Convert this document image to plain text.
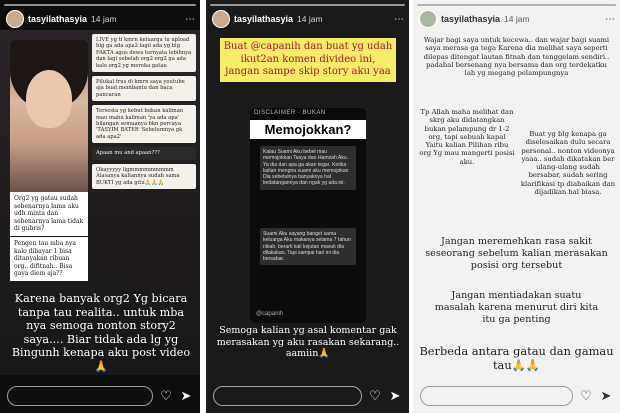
tasyilathasyia 14 jam	⋯
LIVE yg ti kmrn keluarga tu upload blg ga ada apa2 lagii ada yg blg FAKTA agus dewa ternyata lebihnya dan lagi sebelah org2 org2 ga ada kalo org2 yg mereka gatau
Pilukal trus di kmrn saya youtube aja buat membantu dan baca pancaran
Tersesta yg kebut bukan kaliman mau mahu kaliman 'ya ada apa' bilangan semuanya bkn percaya 'TASYIM BATER 'Sebelumnya gk ada apa2'
Apaan mu and apaan???
Okayyyyy ligmmmmmmmmm Alasanya kaliannya sudah sama BUKTI yg ada gitu🙏🙏🙏
Org2 yg gatau sudah sebenarnya lama aku udh minta dan sebenarnya lama tidak di gubris?
Pengen tau mba nya kalo dibayar 1 bisa ditanyakan ribuan org.. difitnah.. Bisa gaya diem aja??
Karena banyak org2 Yg bicara tanpa tau realita.. untuk mba nya semoga nonton story2 saya.... Biar tidak ada lg yg Bingunh kenapa aku post video🙏
♡ ➤
tasyilathasyia 14 jam	⋯
Buat @capanih dan buat yg udah ikut2an komen divideo ini, jangan sampe skip story aku yaa
DISCLAIMER · BUKAN
Memojokkan?
Kalau Suami Aku bebel mau memojokkan Tasya dan Hamzah Aku. Ya dia dan apa ga akan tegar. Ketika kalian mengira suami aku memojokan Dia sebetulnya banyaknya hal kedatangannya dan ngak yg ada ini.
Suami Aku sayang banget sama keluarga Aku makanya selama 7 tahun nikah, berarti kali kejutan masuk dia dilakukan. Tapi sampai hari ini dia bersabar.
@capanih
Semoga kalian yg asal komentar gak merasakan yg aku rasakan sekarang.. aamiin🙏
♡ ➤
tasyilathasyia 14 jam	⋯
Wajar bagi saya untuk kecewa.. dan wajar bagi suami saya merasa ga tega Karena dia melihat saya seperti dilepas ditengat lautan fitnah dan tenggelam sendiri.. padahal bersenang nya bersama dan org terdekatku lah yg megang pelampungnya
Tp Allah maha melihat dan skrg aku didatangkan bukan pelampung dr 1-2 org, tapi sebuah kapal Yaitu kalian Pilihan ribu org Yg mau mangerti posisi aku.
Buat yg blg kenapa ga diselesaikan dulu secara personal.. nonton videonya yaaa.. sudah dikatakan ber ulang-ulang sudah bersabar, sudah sering klarifikasi tp diabaikan dan dijadikan hal biasa.
Jangan meremehkan rasa sakit seseorang sebelum kalian merasakan posisi org tersebut
Jangan mentiadakan suatu masalah karena menurut diri kita itu ga penting
Berbeda antara gatau dan gamau tau🙏🙏
♡ ➤
